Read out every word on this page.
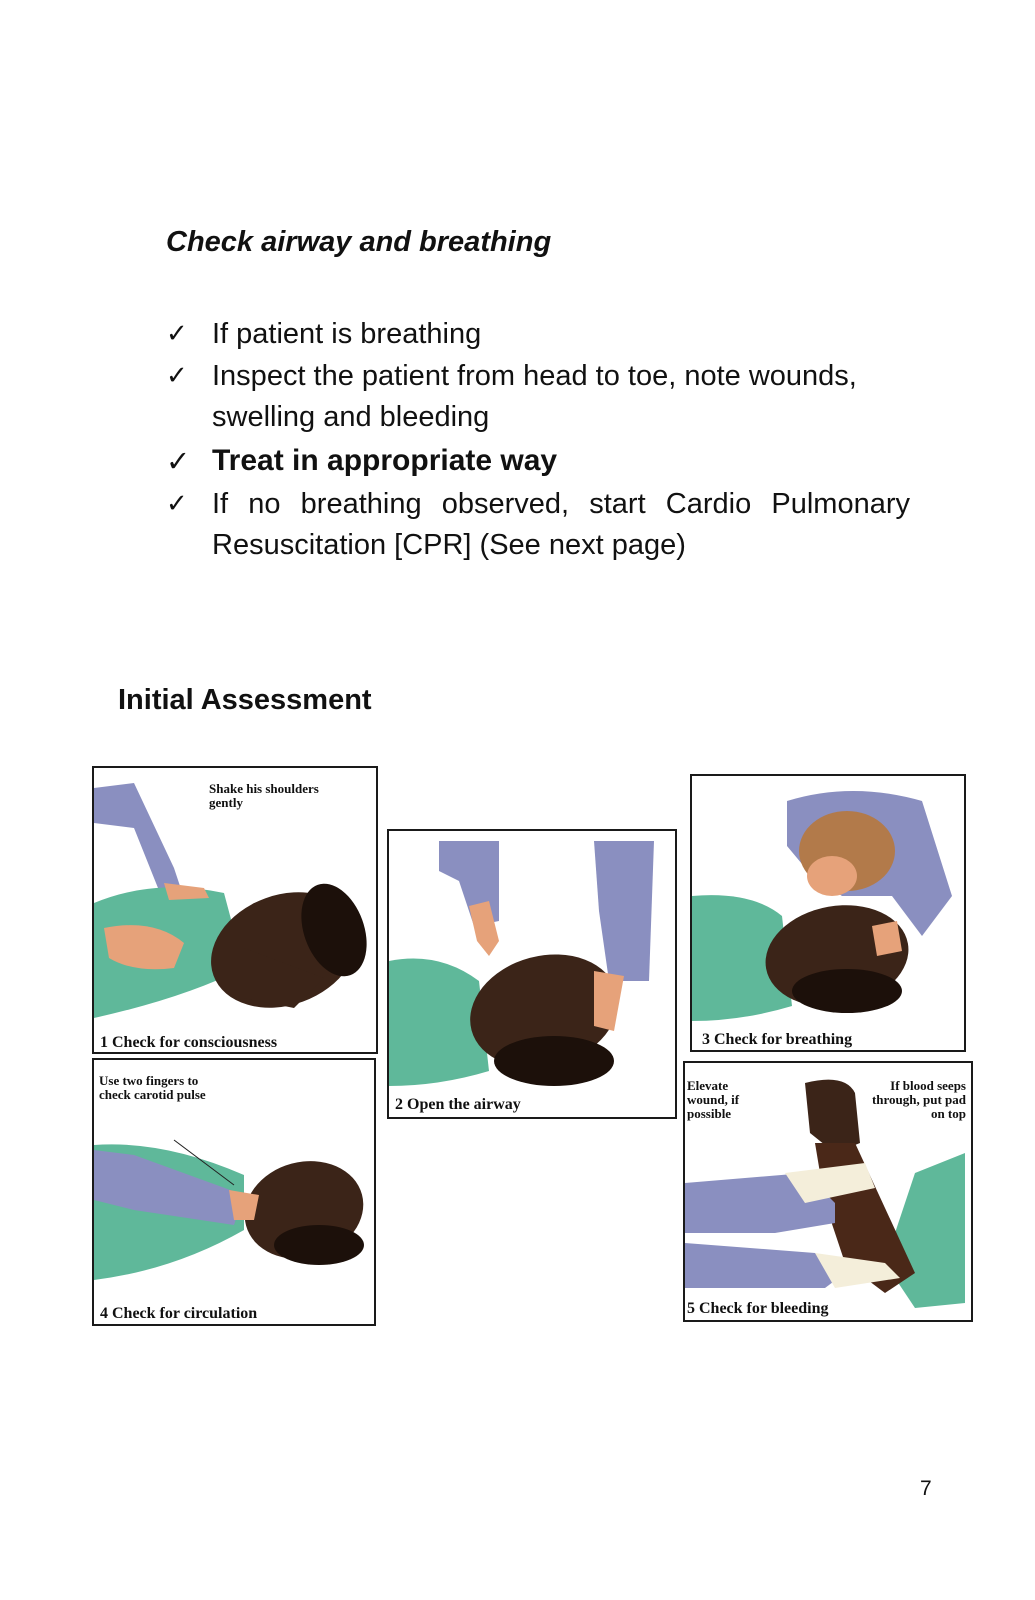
Check airway and breathing
✓ If patient is breathing
✓ Inspect the patient from head to toe, note wounds, swelling and bleeding
✓ Treat in appropriate way
✓ If no breathing observed, start Cardio Pulmonary Resuscitation [CPR] (See next page)
Initial Assessment
Shake his shoulders gently
1 Check for consciousness
2 Open the airway
3 Check for breathing
Use two fingers to check carotid pulse
4 Check for circulation
Elevate wound, if possible
If blood seeps through, put pad on top
5 Check for bleeding
7
